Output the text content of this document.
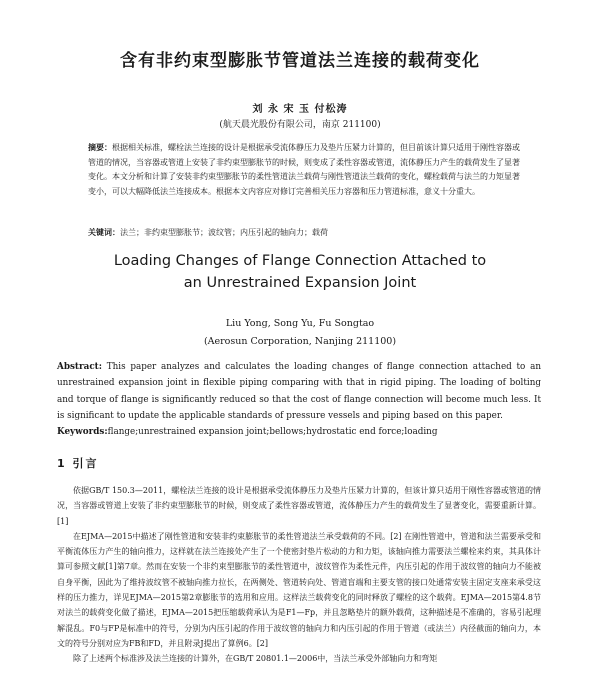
含有非约束型膨胀节管道法兰连接的载荷变化
刘 永 宋 玉 付松涛
(航天晨光股份有限公司，南京 211100)
摘要：根据相关标准，螺栓法兰连接的设计是根据承受流体静压力及垫片压紧力计算的，但目前该计算只适用于刚性容器或管道的情况，当容器或管道上安装了非约束型膨胀节的时候，则变成了柔性容器或管道，流体静压力产生的载荷发生了显著变化。本文分析和计算了安装非约束型膨胀节的柔性管道法兰载荷与刚性管道法兰载荷的变化，螺栓载荷与法兰的力矩显著变小，可以大幅降低法兰连接成本。根据本文内容应对修订完善相关压力容器和压力管道标准，意义十分重大。
关键词：法兰；非约束型膨胀节；波纹管；内压引起的轴向力；载荷
Loading Changes of Flange Connection Attached to
an Unrestrained Expansion Joint
Liu Yong, Song Yu, Fu Songtao
(Aerosun Corporation, Nanjing 211100)
Abstract: This paper analyzes and calculates the loading changes of flange connection attached to an unrestrained expansion joint in flexible piping comparing with that in rigid piping. The loading of bolting and torque of flange is significantly reduced so that the cost of flange connection will become much less. It is significant to update the applicable standards of pressure vessels and piping based on this paper.
Keywords:flange;unrestrained expansion joint;bellows;hydrostatic end force;loading
1 引言

依据GB/T 150.3—2011，螺栓法兰连接的设计是根据承受流体静压力及垫片压紧力计算的，但该计算只适用于刚性容器或管道的情况，当容器或管道上安装了非约束型膨胀节的时候，则变成了柔性容器或管道，流体静压力产生的载荷发生了显著变化，需要重新计算。[1]

在EJMA—2015中描述了刚性管道和安装非约束膨胀节的柔性管道法兰承受载荷的不同。[2] 在刚性管道中，管道和法兰需要承受和平衡流体压力产生的轴向推力，这样就在法兰连接处产生了一个使密封垫片松动的力和力矩，该轴向推力需要法兰螺栓来约束，其具体计算可参照文献[1]第7章。然而在安装一个非约束型膨胀节的柔性管道中，波纹管作为柔性元件，内压引起的作用于波纹管的轴向力不能被自身平衡，因此为了维持波纹管不被轴向推力拉长，在两侧处、管道转向处、管道盲端和主要支管的接口处通常安装主固定支座来承受这样的压力推力，详见EJMA—2015第2章膨胀节的选用和应用。这样法兰载荷变化的同时释放了螺栓的这个载荷。EJMA—2015第4.8节对法兰的载荷变化做了描述，EJMA—2015把压缩载荷承认为是F1—Fp，并且忽略垫片的额外载荷，这种描述是不准确的，容易引起理解混乱。F0与FP是标准中的符号，分别为内压引起的作用于波纹管的轴向力和内压引起的作用于管道（或法兰）内径截面的轴向力，本文的符号分别对应为FB和FD，并且附录J提出了算例6。[2]

除了上述两个标准涉及法兰连接的计算外，在GB/T 20801.1—2006中，当法兰承受外部轴向力和弯矩
